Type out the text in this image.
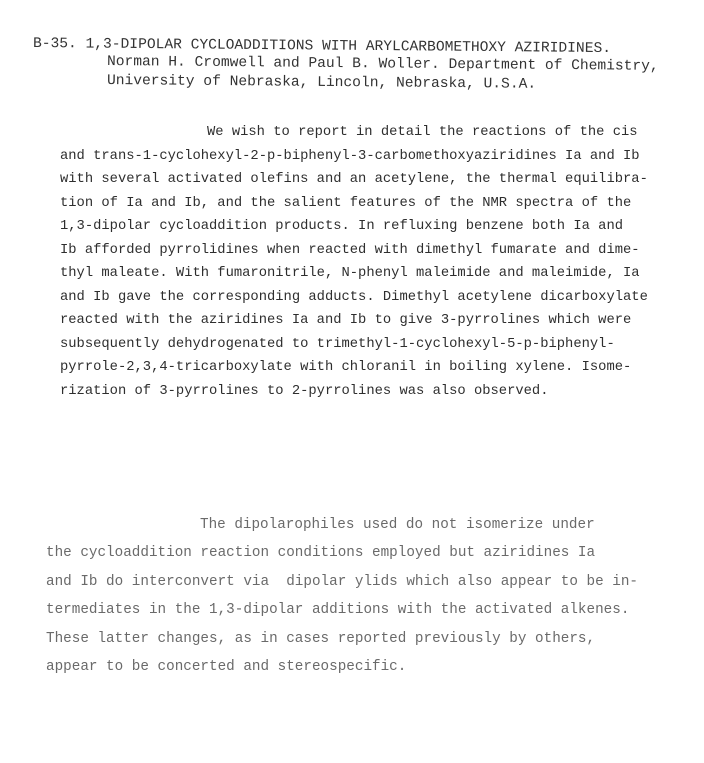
B-35. 1,3-DIPOLAR CYCLOADDITIONS WITH ARYLCARBOMETHOXY AZIRIDINES.
Norman H. Cromwell and Paul B. Woller. Department of Chemistry,
University of Nebraska, Lincoln, Nebraska, U.S.A.
We wish to report in detail the reactions of the cis
and trans-1-cyclohexyl-2-p-biphenyl-3-carbomethoxyaziridines Ia and Ib
with several activated olefins and an acetylene, the thermal equilibra-
tion of Ia and Ib, and the salient features of the NMR spectra of the
1,3-dipolar cycloaddition products. In refluxing benzene both Ia and
Ib afforded pyrrolidines when reacted with dimethyl fumarate and dime-
thyl maleate. With fumaronitrile, N-phenyl maleimide and maleimide, Ia
and Ib gave the corresponding adducts. Dimethyl acetylene dicarboxylate
reacted with the aziridines Ia and Ib to give 3-pyrrolines which were
subsequently dehydrogenated to trimethyl-1-cyclohexyl-5-p-biphenyl-
pyrrole-2,3,4-tricarboxylate with chloranil in boiling xylene. Isome-
rization of 3-pyrrolines to 2-pyrrolines was also observed.
The dipolarophiles used do not isomerize under
the cycloaddition reaction conditions employed but aziridines Ia
and Ib do interconvert via  dipolar ylids which also appear to be in-
termediates in the 1,3-dipolar additions with the activated alkenes.
These latter changes, as in cases reported previously by others,
appear to be concerted and stereospecific.
